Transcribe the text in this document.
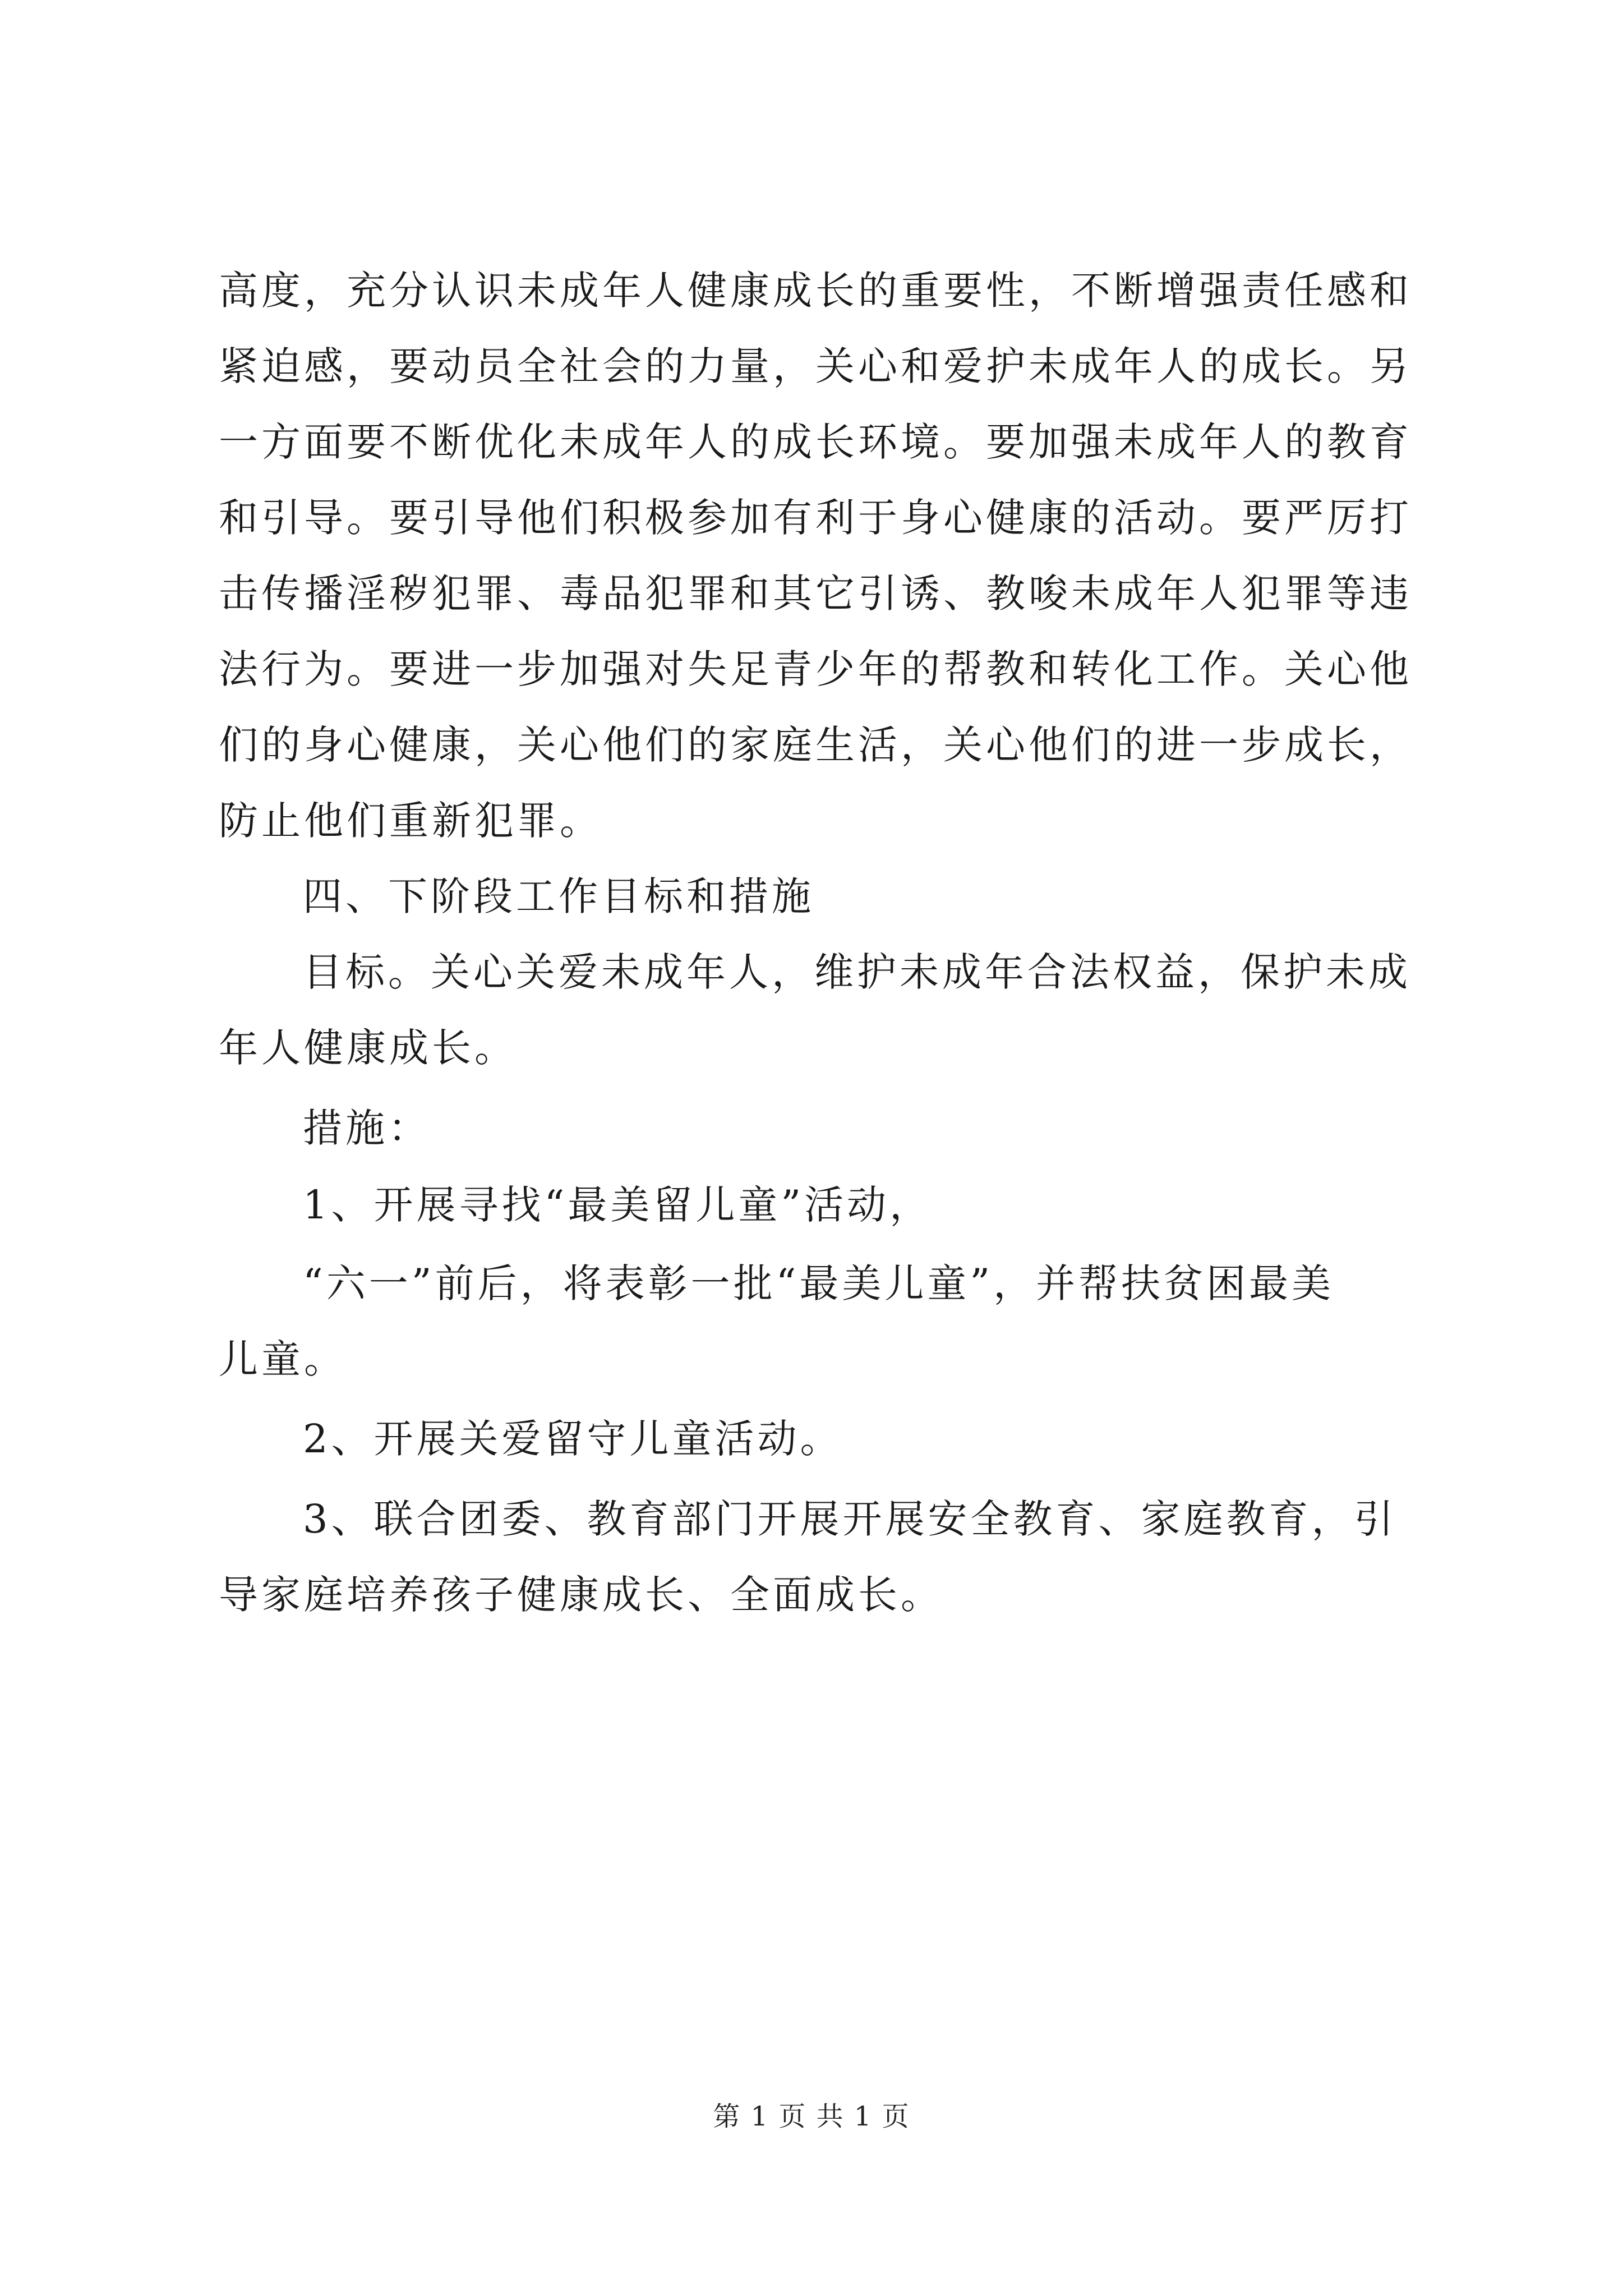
高度，充分认识未成年人健康成长的重要性，不断增强责任感和
紧迫感，要动员全社会的力量，关心和爱护未成年人的成长。另
一方面要不断优化未成年人的成长环境。要加强未成年人的教育
和引导。要引导他们积极参加有利于身心健康的活动。要严厉打
击传播淫秽犯罪、毒品犯罪和其它引诱、教唆未成年人犯罪等违
法行为。要进一步加强对失足青少年的帮教和转化工作。关心他
们的身心健康，关心他们的家庭生活，关心他们的进一步成长，
防止他们重新犯罪。
四、下阶段工作目标和措施
目标。关心关爱未成年人，维护未成年合法权益，保护未成
年人健康成长。
措施：
1、开展寻找“最美留儿童”活动，
“六一”前后，将表彰一批“最美儿童”，并帮扶贫困最美
儿童。
2、开展关爱留守儿童活动。
3、联合团委、教育部门开展开展安全教育、家庭教育，引
导家庭培养孩子健康成长、全面成长。
第 1 页 共 1 页
